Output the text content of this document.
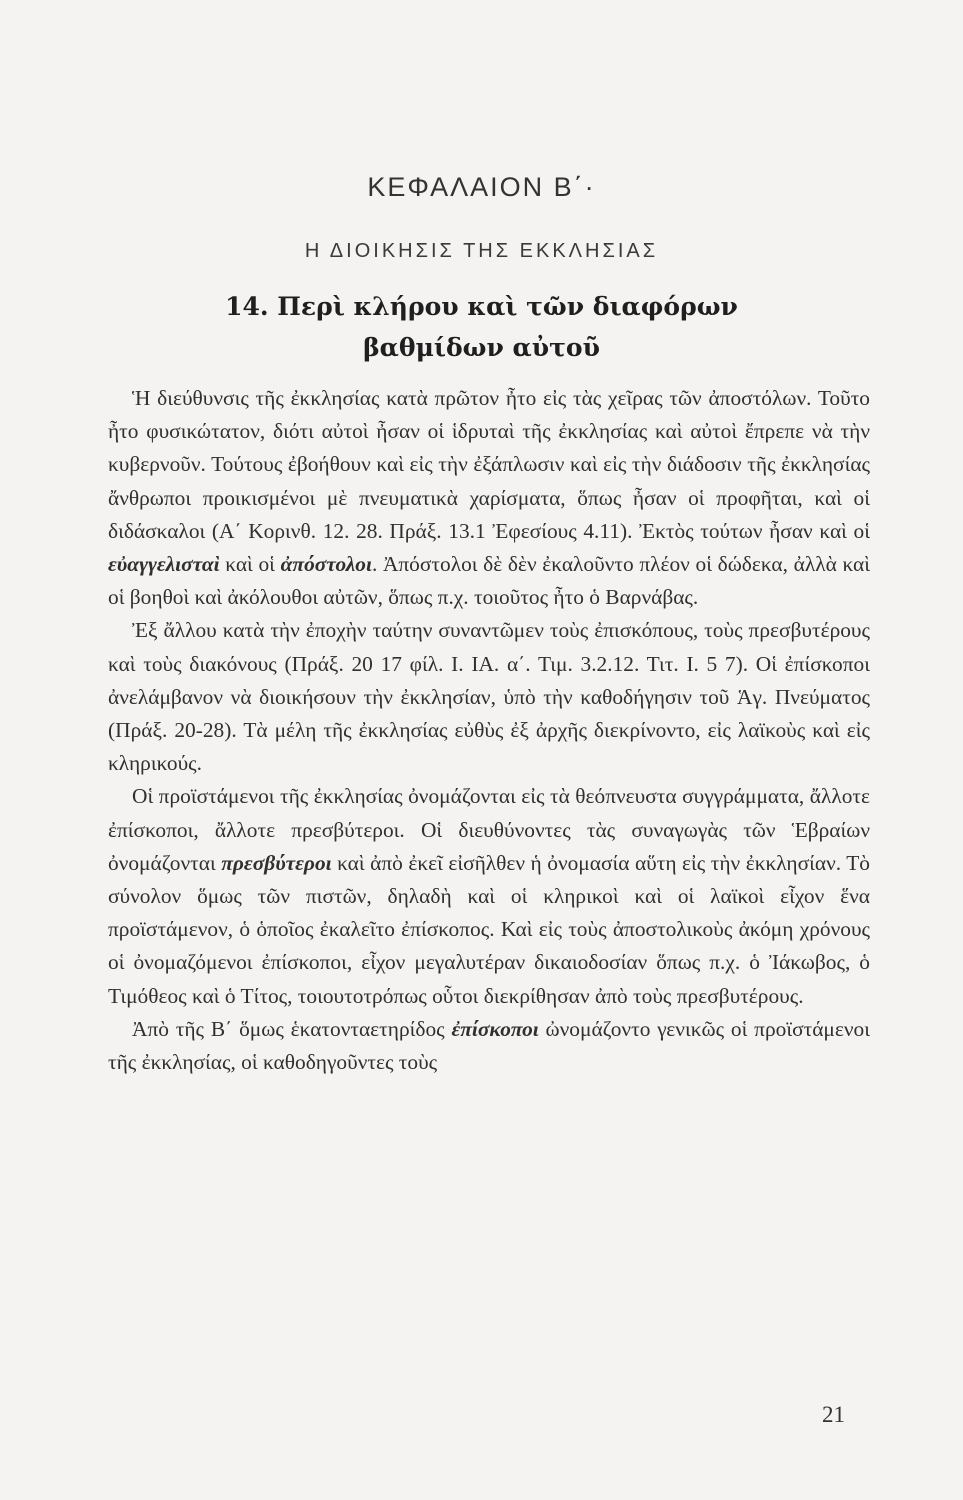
ΚΕΦΑΛΑΙΟΝ Β΄·
Η ΔΙΟΙΚΗΣΙΣ ΤΗΣ ΕΚΚΛΗΣΙΑΣ
14. Περὶ κλήρου καὶ τῶν διαφόρων
βαθμίδων αὐτοῦ

Ἡ διεύθυνσις τῆς ἐκκλησίας κατὰ πρῶτον ἦτο εἰς τὰς χεῖρας τῶν ἀποστόλων. Τοῦτο ἦτο φυσικώτατον, διότι αὐτοὶ ἦσαν οἱ ἱδρυταὶ τῆς ἐκκλησίας καὶ αὐτοὶ ἔπρεπε νὰ τὴν κυβερνοῦν. Τούτους ἐβοήθουν καὶ εἰς τὴν ἐξάπλωσιν καὶ εἰς τὴν διάδοσιν τῆς ἐκκλησίας ἄνθρωποι προικισμένοι μὲ πνευματικὰ χαρίσματα, ὅπως ἦσαν οἱ προφῆται, καὶ οἱ διδάσκαλοι (Α΄ Κορινθ. 12. 28. Πράξ. 13.1 Ἐφεσίους 4.11). Ἐκτὸς τούτων ἦσαν καὶ οἱ εὐαγγελισταὶ καὶ οἱ ἀπόστολοι. Ἀπόστολοι δὲ δὲν ἐκαλοῦντο πλέον οἱ δώδεκα, ἀλλὰ καὶ οἱ βοηθοὶ καὶ ἀκόλουθοι αὐτῶν, ὅπως π.χ. τοιοῦτος ἦτο ὁ Βαρνάβας.

Ἐξ ἄλλου κατὰ τὴν ἐποχὴν ταύτην συναντῶμεν τοὺς ἐπισκόπους, τοὺς πρεσβυτέρους καὶ τοὺς διακόνους (Πράξ. 20 17 φίλ. Ι. ΙΑ. α΄. Τιμ. 3.2.12. Τιτ. Ι. 5 7). Οἱ ἐπίσκοποι ἀνελάμβανον νὰ διοικήσουν τὴν ἐκκλησίαν, ὑπὸ τὴν καθοδήγησιν τοῦ Ἁγ. Πνεύματος (Πράξ. 20-28). Τὰ μέλη τῆς ἐκκλησίας εὐθὺς ἐξ ἀρχῆς διεκρίνοντο, εἰς λαϊκοὺς καὶ εἰς κληρικούς.

Οἱ προϊστάμενοι τῆς ἐκκλησίας ὀνομάζονται εἰς τὰ θεόπνευστα συγγράμματα, ἄλλοτε ἐπίσκοποι, ἄλλοτε πρεσβύτεροι. Οἱ διευθύνοντες τὰς συναγωγὰς τῶν Ἑβραίων ὀνομάζονται πρεσβύτεροι καὶ ἀπὸ ἐκεῖ εἰσῆλθεν ἡ ὀνομασία αὕτη εἰς τὴν ἐκκλησίαν. Τὸ σύνολον ὅμως τῶν πιστῶν, δηλαδὴ καὶ οἱ κληρικοὶ καὶ οἱ λαϊκοὶ εἶχον ἕνα προϊστάμενον, ὁ ὁποῖος ἐκαλεῖτο ἐπίσκοπος. Καὶ εἰς τοὺς ἀποστολικοὺς ἀκόμη χρόνους οἱ ὀνομαζόμενοι ἐπίσκοποι, εἶχον μεγαλυτέραν δικαιοδοσίαν ὅπως π.χ. ὁ Ἰάκωβος, ὁ Τιμόθεος καὶ ὁ Τίτος, τοιουτοτρόπως οὗτοι διεκρίθησαν ἀπὸ τοὺς πρεσβυτέρους.

Ἀπὸ τῆς Β΄ ὅμως ἑκατονταετηρίδος ἐπίσκοποι ὠνομάζοντο γενικῶς οἱ προϊστάμενοι τῆς ἐκκλησίας, οἱ καθοδηγοῦντες τοὺς

21
